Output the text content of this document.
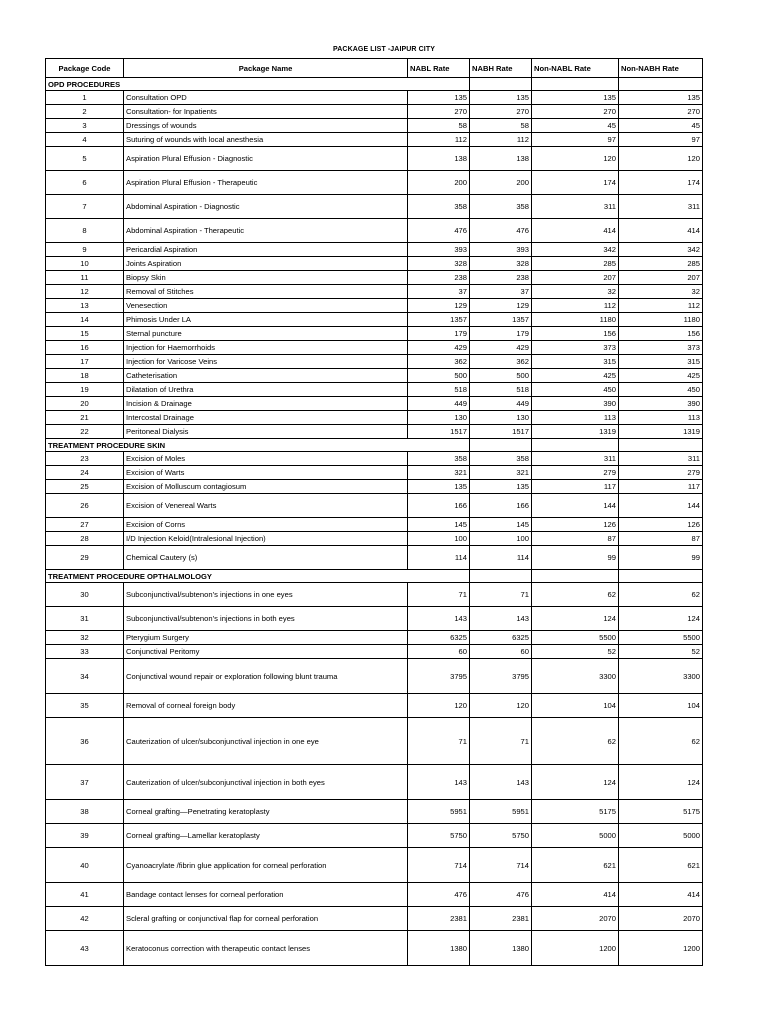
PACKAGE LIST -JAIPUR CITY
Package Code	Package Name	NABL Rate	NABH Rate	Non-NABL Rate	Non-NABH Rate
OPD PROCEDURES					
1	Consultation OPD	135	135	135	135
2	Consultation- for Inpatients	270	270	270	270
3	Dressings of wounds	58	58	45	45
4	Suturing of wounds with local anesthesia	112	112	97	97
5	Aspiration Plural Effusion - Diagnostic	138	138	120	120
6	Aspiration Plural Effusion - Therapeutic	200	200	174	174
7	Abdominal Aspiration - Diagnostic	358	358	311	311
8	Abdominal Aspiration - Therapeutic	476	476	414	414
9	Pericardial Aspiration	393	393	342	342
10	Joints Aspiration	328	328	285	285
11	Biopsy Skin	238	238	207	207
12	Removal of Stitches	37	37	32	32
13	Venesection	129	129	112	112
14	Phimosis Under LA	1357	1357	1180	1180
15	Sternal puncture	179	179	156	156
16	Injection for Haemorrhoids	429	429	373	373
17	Injection for Varicose Veins	362	362	315	315
18	Catheterisation	500	500	425	425
19	Dilatation of Urethra	518	518	450	450
20	Incision & Drainage	449	449	390	390
21	Intercostal Drainage	130	130	113	113
22	Peritoneal Dialysis	1517	1517	1319	1319
TREATMENT PROCEDURE SKIN					
23	Excision of Moles	358	358	311	311
24	Excision of Warts	321	321	279	279
25	Excision of Molluscum contagiosum	135	135	117	117
26	Excision of Venereal Warts	166	166	144	144
27	Excision of Corns	145	145	126	126
28	I/D Injection Keloid(Intralesional Injection)	100	100	87	87
29	Chemical Cautery (s)	114	114	99	99
TREATMENT PROCEDURE OPTHALMOLOGY					
30	Subconjunctival/subtenon’s injections in one eyes	71	71	62	62
31	Subconjunctival/subtenon’s injections in both eyes	143	143	124	124
32	Pterygium Surgery	6325	6325	5500	5500
33	Conjunctival Peritomy	60	60	52	52
34	Conjunctival wound repair or exploration following blunt trauma	3795	3795	3300	3300
35	Removal of corneal foreign body	120	120	104	104
36	Cauterization of ulcer/subconjunctival injection in one eye	71	71	62	62
37	Cauterization of ulcer/subconjunctival injection in both eyes	143	143	124	124
38	Corneal grafting—Penetrating keratoplasty	5951	5951	5175	5175
39	Corneal grafting—Lamellar keratoplasty	5750	5750	5000	5000
40	Cyanoacrylate /fibrin glue application for corneal perforation	714	714	621	621
41	Bandage contact lenses for corneal perforation	476	476	414	414
42	Scleral grafting or conjunctival flap for corneal perforation	2381	2381	2070	2070
43	Keratoconus correction with therapeutic contact lenses	1380	1380	1200	1200
